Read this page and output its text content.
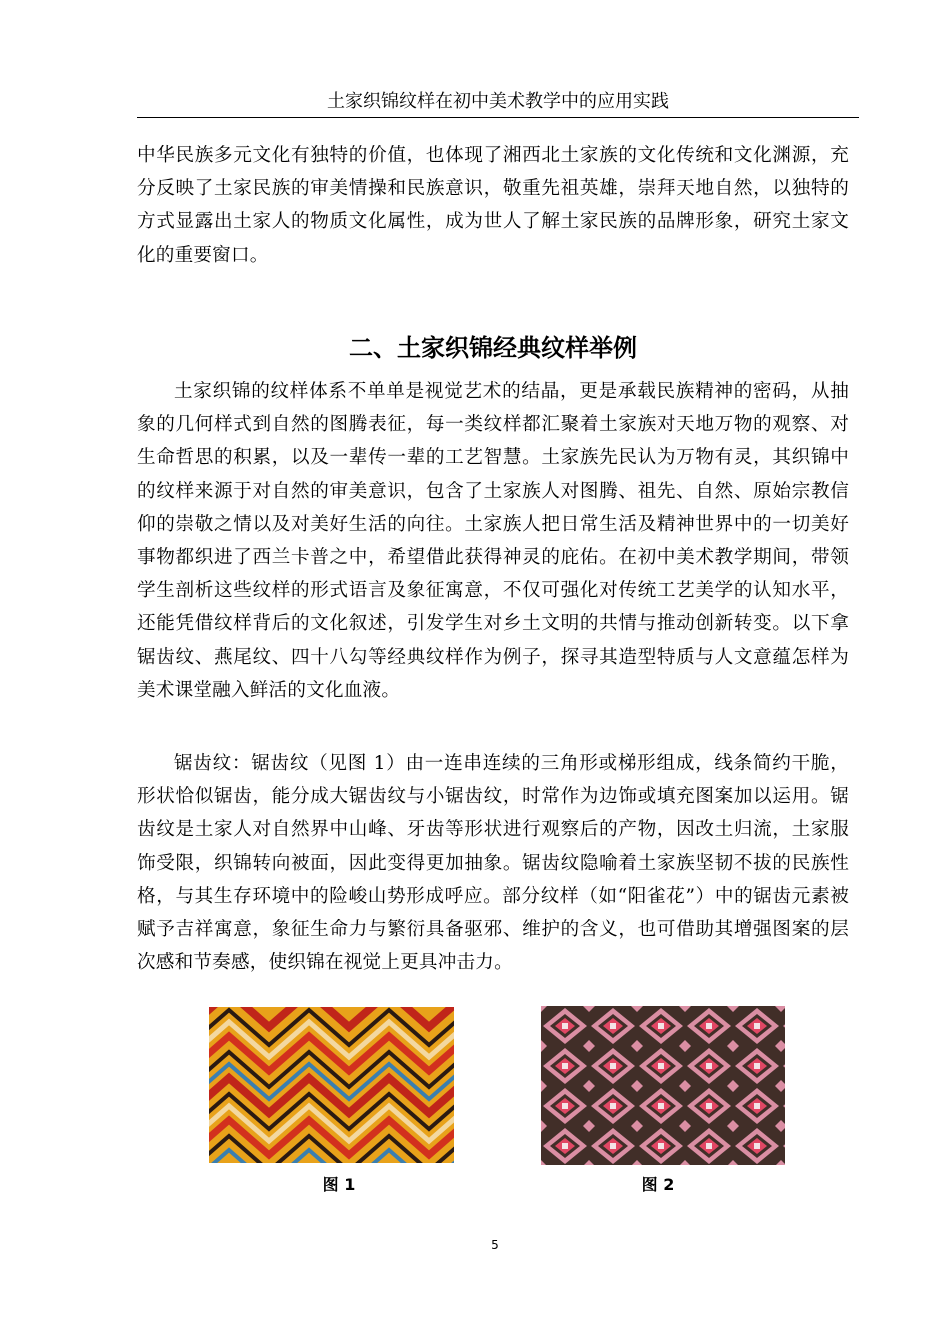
土家织锦纹样在初中美术教学中的应用实践

中华民族多元文化有独特的价值，也体现了湘西北土家族的文化传统和文化渊源，充分反映了土家民族的审美情操和民族意识，敬重先祖英雄，崇拜天地自然，以独特的方式显露出土家人的物质文化属性，成为世人了解土家民族的品牌形象，研究土家文化的重要窗口。

二、土家织锦经典纹样举例

土家织锦的纹样体系不单单是视觉艺术的结晶，更是承载民族精神的密码，从抽象的几何样式到自然的图腾表征，每一类纹样都汇聚着土家族对天地万物的观察、对生命哲思的积累，以及一辈传一辈的工艺智慧。土家族先民认为万物有灵，其织锦中的纹样来源于对自然的审美意识，包含了土家族人对图腾、祖先、自然、原始宗教信仰的崇敬之情以及对美好生活的向往。土家族人把日常生活及精神世界中的一切美好事物都织进了西兰卡普之中，希望借此获得神灵的庇佑。在初中美术教学期间，带领学生剖析这些纹样的形式语言及象征寓意，不仅可强化对传统工艺美学的认知水平，还能凭借纹样背后的文化叙述，引发学生对乡土文明的共情与推动创新转变。以下拿锯齿纹、燕尾纹、四十八勾等经典纹样作为例子，探寻其造型特质与人文意蕴怎样为美术课堂融入鲜活的文化血液。

锯齿纹：锯齿纹（见图 1）由一连串连续的三角形或梯形组成，线条简约干脆，形状恰似锯齿，能分成大锯齿纹与小锯齿纹，时常作为边饰或填充图案加以运用。锯齿纹是土家人对自然界中山峰、牙齿等形状进行观察后的产物，因改土归流，土家服饰受限，织锦转向被面，因此变得更加抽象。锯齿纹隐喻着土家族坚韧不拔的民族性格，与其生存环境中的险峻山势形成呼应。部分纹样（如“阳雀花”）中的锯齿元素被赋予吉祥寓意，象征生命力与繁衍具备驱邪、维护的含义，也可借助其增强图案的层次感和节奏感，使织锦在视觉上更具冲击力。

图 1	图 2
5
